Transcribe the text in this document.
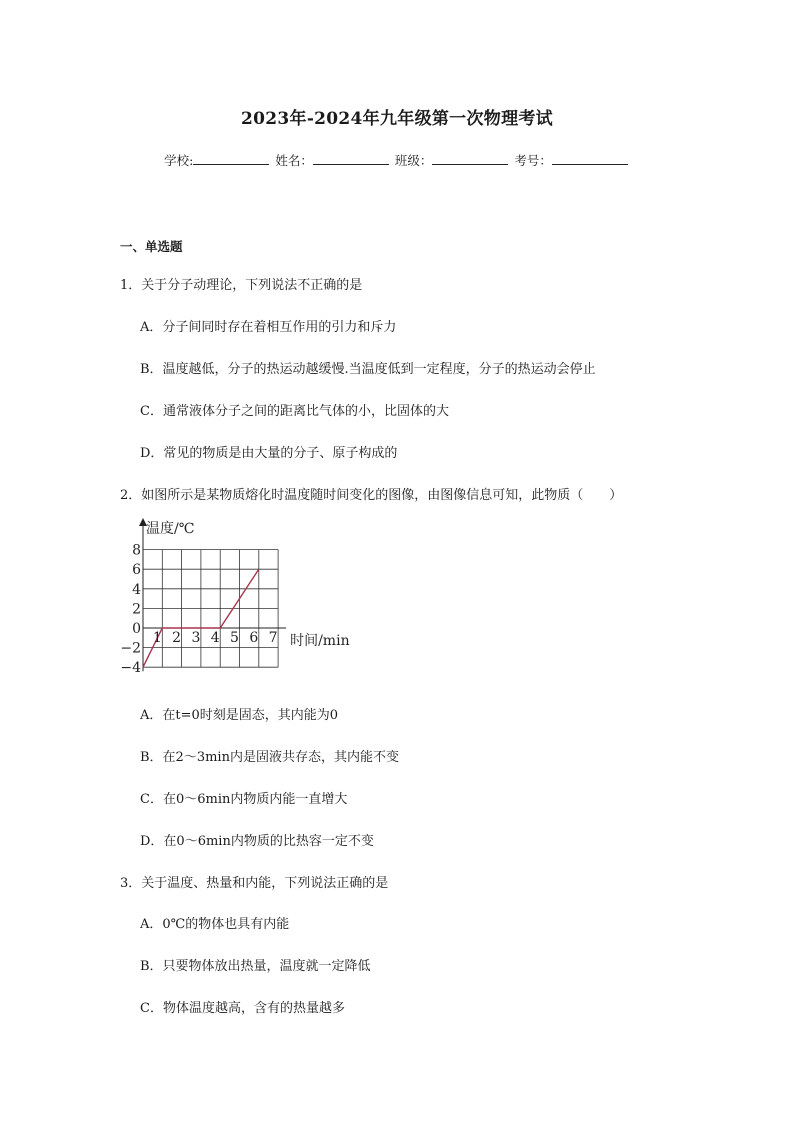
2023年-2024年九年级第一次物理考试
学校:	姓名：	班级：	考号：
一、单选题
1．关于分子动理论，下列说法不正确的是
A．分子间同时存在着相互作用的引力和斥力
B．温度越低，分子的热运动越缓慢.当温度低到一定程度，分子的热运动会停止
C．通常液体分子之间的距离比气体的小，比固体的大
D．常见的物质是由大量的分子、原子构成的
2．如图所示是某物质熔化时温度随时间变化的图像，由图像信息可知，此物质（　　）
8
6
4
2
0
−2
−4
1 2 3 4 5 6 7
温度/℃
时间/min
A．在t=0时刻是固态，其内能为0
B．在2～3min内是固液共存态，其内能不变
C．在0～6min内物质内能一直增大
D．在0～6min内物质的比热容一定不变
3．关于温度、热量和内能，下列说法正确的是
A．0℃的物体也具有内能
B．只要物体放出热量，温度就一定降低
C．物体温度越高，含有的热量越多
